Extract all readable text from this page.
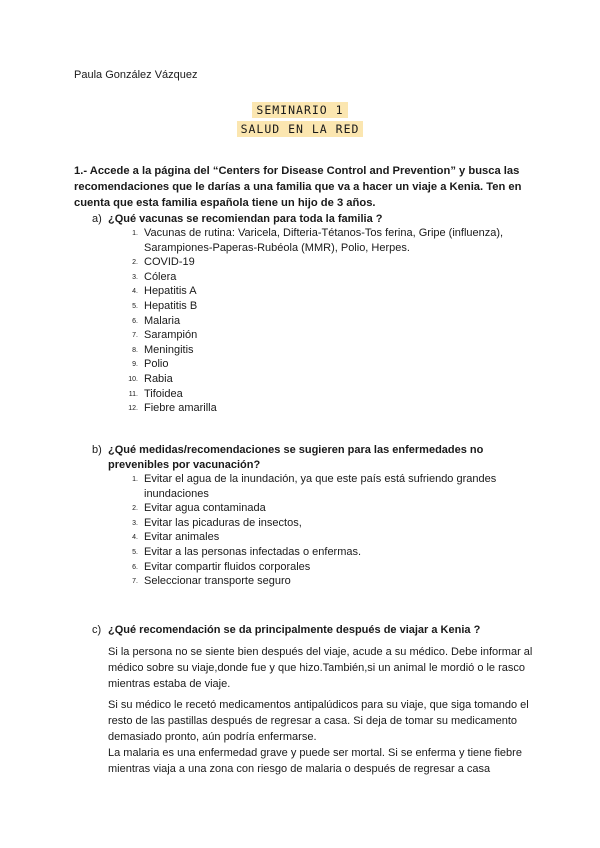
Paula González Vázquez
SEMINARIO 1
SALUD EN LA RED
1.- Accede a la página del “Centers for Disease Control and Prevention” y busca las recomendaciones que le darías a una familia que va a hacer un viaje a Kenia. Ten en cuenta que esta familia española tiene un hijo de 3 años.
a) ¿Qué vacunas se recomiendan para toda la familia ?
1. Vacunas de rutina: Varicela, Difteria-Tétanos-Tos ferina, Gripe (influenza), Sarampiones-Paperas-Rubéola (MMR), Polio, Herpes.
2. COVID-19
3. Cólera
4. Hepatitis A
5. Hepatitis B
6. Malaria
7. Sarampión
8. Meningitis
9. Polio
10. Rabia
11. Tifoidea
12. Fiebre amarilla
b) ¿Qué medidas/recomendaciones se sugieren para las enfermedades no prevenibles por vacunación?
1. Evitar el agua de la inundación, ya que este país está sufriendo grandes inundaciones
2. Evitar agua contaminada
3. Evitar las picaduras de insectos,
4. Evitar animales
5. Evitar a las personas infectadas o enfermas.
6. Evitar compartir fluidos corporales
7. Seleccionar transporte seguro
c) ¿Qué recomendación se da principalmente después de viajar a Kenia ?
Si la persona no se siente bien después del viaje, acude a su médico. Debe informar al médico sobre su viaje,donde fue y que hizo.También,si un animal le mordió o le rasco mientras estaba de viaje.
Si su médico le recetó medicamentos antipalúdicos para su viaje, que siga tomando el resto de las pastillas después de regresar a casa. Si deja de tomar su medicamento demasiado pronto, aún podría enfermarse.
La malaria es una enfermedad grave y puede ser mortal. Si se enferma y tiene fiebre mientras viaja a una zona con riesgo de malaria o después de regresar a casa
